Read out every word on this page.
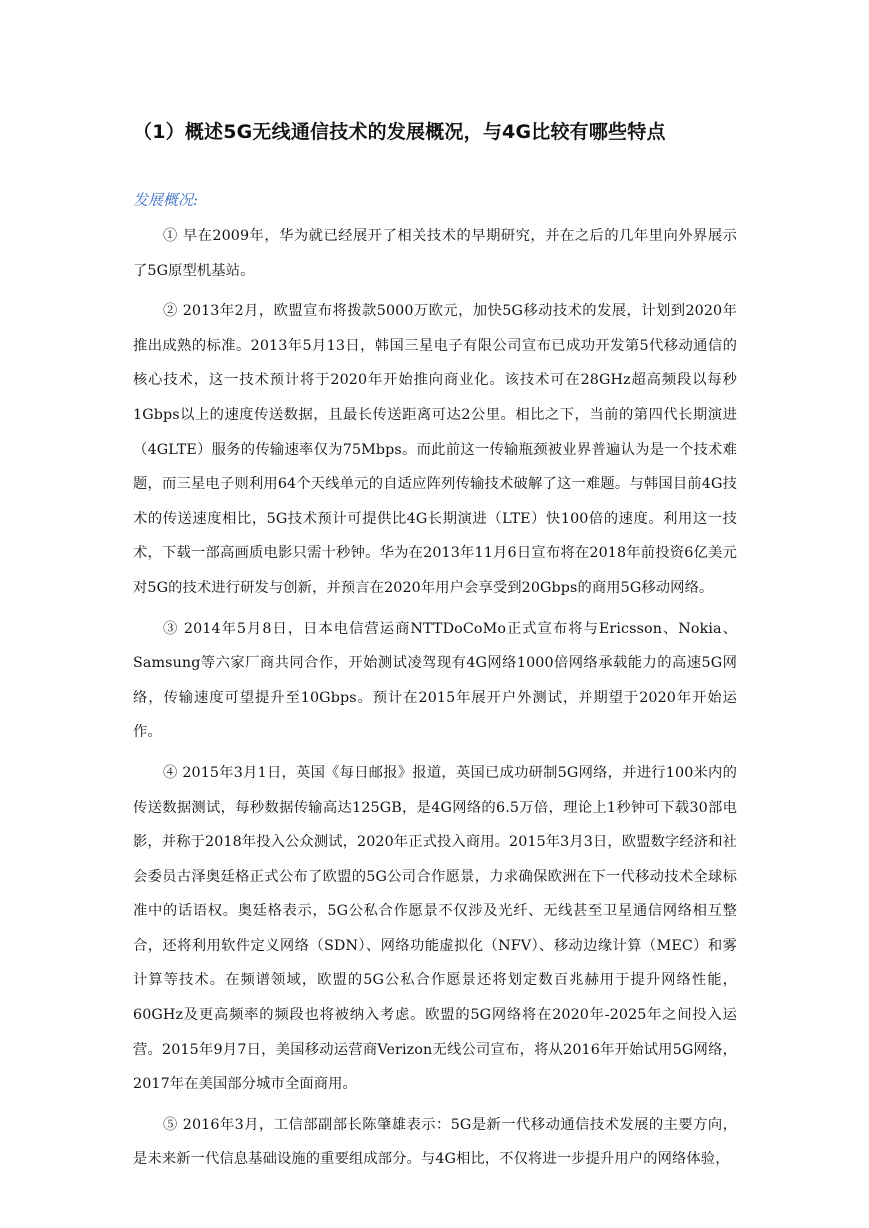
（1）概述5G无线通信技术的发展概况，与4G比较有哪些特点
发展概况:

① 早在2009年，华为就已经展开了相关技术的早期研究，并在之后的几年里向外界展示了5G原型机基站。

② 2013年2月，欧盟宣布将拨款5000万欧元，加快5G移动技术的发展，计划到2020年推出成熟的标准。2013年5月13日，韩国三星电子有限公司宣布已成功开发第5代移动通信的核心技术，这一技术预计将于2020年开始推向商业化。该技术可在28GHz超高频段以每秒1Gbps以上的速度传送数据，且最长传送距离可达2公里。相比之下，当前的第四代长期演进（4GLTE）服务的传输速率仅为75Mbps。而此前这一传输瓶颈被业界普遍认为是一个技术难题，而三星电子则利用64个天线单元的自适应阵列传输技术破解了这一难题。与韩国目前4G技术的传送速度相比，5G技术预计可提供比4G长期演进（LTE）快100倍的速度。利用这一技术，下载一部高画质电影只需十秒钟。华为在2013年11月6日宣布将在2018年前投资6亿美元对5G的技术进行研发与创新，并预言在2020年用户会享受到20Gbps的商用5G移动网络。

③ 2014年5月8日，日本电信营运商NTTDoCoMo正式宣布将与Ericsson、Nokia、Samsung等六家厂商共同合作，开始测试凌驾现有4G网络1000倍网络承载能力的高速5G网络，传输速度可望提升至10Gbps。预计在2015年展开户外测试，并期望于2020年开始运作。

④ 2015年3月1日，英国《每日邮报》报道，英国已成功研制5G网络，并进行100米内的传送数据测试，每秒数据传输高达125GB，是4G网络的6.5万倍，理论上1秒钟可下载30部电影，并称于2018年投入公众测试，2020年正式投入商用。2015年3月3日，欧盟数字经济和社会委员古泽奥廷格正式公布了欧盟的5G公司合作愿景，力求确保欧洲在下一代移动技术全球标准中的话语权。奥廷格表示，5G公私合作愿景不仅涉及光纤、无线甚至卫星通信网络相互整合，还将利用软件定义网络（SDN）、网络功能虚拟化（NFV）、移动边缘计算（MEC）和雾计算等技术。在频谱领域，欧盟的5G公私合作愿景还将划定数百兆赫用于提升网络性能，60GHz及更高频率的频段也将被纳入考虑。欧盟的5G网络将在2020年-2025年之间投入运营。2015年9月7日，美国移动运营商Verizon无线公司宣布，将从2016年开始试用5G网络，2017年在美国部分城市全面商用。

⑤ 2016年3月，工信部副部长陈肇雄表示：5G是新一代移动通信技术发展的主要方向，是未来新一代信息基础设施的重要组成部分。与4G相比，不仅将进一步提升用户的网络体验，
